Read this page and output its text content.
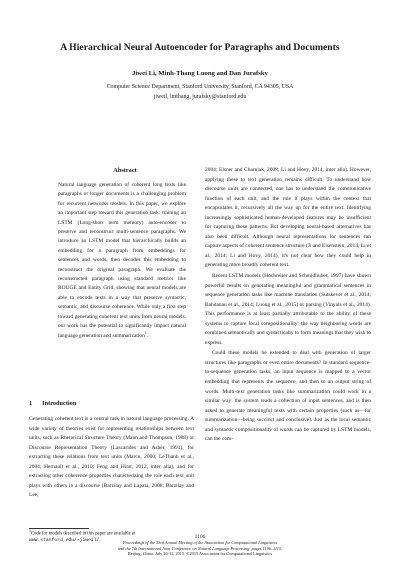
A Hierarchical Neural Autoencoder for Paragraphs and Documents
Jiwei Li, Minh-Thang Luong and Dan Jurafsky
Computer Science Department, Stanford University, Stanford, CA 94305, USA
jiweil, lmthang, jurafsky@stanford.edu
Abstract
Natural language generation of coherent long texts like paragraphs or longer documents is a challenging problem for recurrent networks models. In this paper, we explore an important step toward this generation task: training an LSTM (Long-short term memory) auto-encoder to preserve and reconstruct multi-sentence paragraphs. We introduce an LSTM model that hierarchically builds an embedding for a paragraph from embeddings for sentences and words, then decodes this embedding to reconstruct the original paragraph. We evaluate the reconstructed paragraph using standard metrics like ROUGE and Entity Grid, showing that neural models are able to encode texts in a way that preserve syntactic, semantic, and discourse coherence. While only a first step toward generating coherent text units from neural models, our work has the potential to significantly impact natural language generation and summarization$^1$.
1 Introduction

Generating coherent text is a central task in natural language processing. A wide variety of theories exist for representing relationships between text units, such as Rhetorical Structure Theory (Mann and Thompson, 1988) or Discourse Representation Theory (Lascarides and Asher, 1991), for extracting these relations from text units (Marcu, 2000; LeThanh et al., 2004; Hernault et al., 2010; Feng and Hirst, 2012, inter alia), and for extracting other coherence properties characterizing the role each text unit plays with others in a discourse (Barzilay and Lapata, 2008; Barzilay and Lee,

$^1$Code for models described in this paper are available at www.stanford.edu/~jiweil/.

2004; Elsner and Charniak, 2008; Li and Hovy, 2014, inter alia). However, applying these to text generation remains difficult. To understand how discourse units are connected, one has to understand the communicative function of each unit, and the role it plays within the context that encapsulates it, recursively all the way up for the entire text. Identifying increasingly sophisticated human-developed features may be insufficient for capturing these patterns. But developing neural-based alternatives has also been difficult. Although neural representations for sentences can capture aspects of coherent sentence structure (Ji and Eisenstein, 2014; Li et al., 2014; Li and Hovy, 2014), it's not clear how they could help in generating more broadly coherent text.

Recent LSTM models (Hochreiter and Schmidhuber, 1997) have shown powerful results on generating meaningful and grammatical sentences in sequence generation tasks like machine translation (Sutskever et al., 2014; Bahdanau et al., 2014; Luong et al., 2015) or parsing (Vinyals et al., 2014). This performance is at least partially attributable to the ability of these systems to capture local compositionality: the way neighboring words are combined semantically and syntactically to form meanings that they wish to express.

Could these models be extended to deal with generation of larger structures like paragraphs or even entire documents? In standard sequence-to-sequence generation tasks, an input sequence is mapped to a vector embedding that represents the sequence, and then to an output string of words. Multi-text generation tasks like summarization could work in a similar way: the system reads a collection of input sentences, and is then asked to generate meaningful texts with certain properties (such as—for summarization—being succinct and conclusive). Just as the local semantic and syntactic compositionality of words can be captured by LSTM models, can the com-

1106
Proceedings of the 53rd Annual Meeting of the Association for Computational Linguistics
and the 7th International Joint Conference on Natural Language Processing, pages 1106–1115,
Beijing, China, July 26-31, 2015. ©2015 Association for Computational Linguistics
